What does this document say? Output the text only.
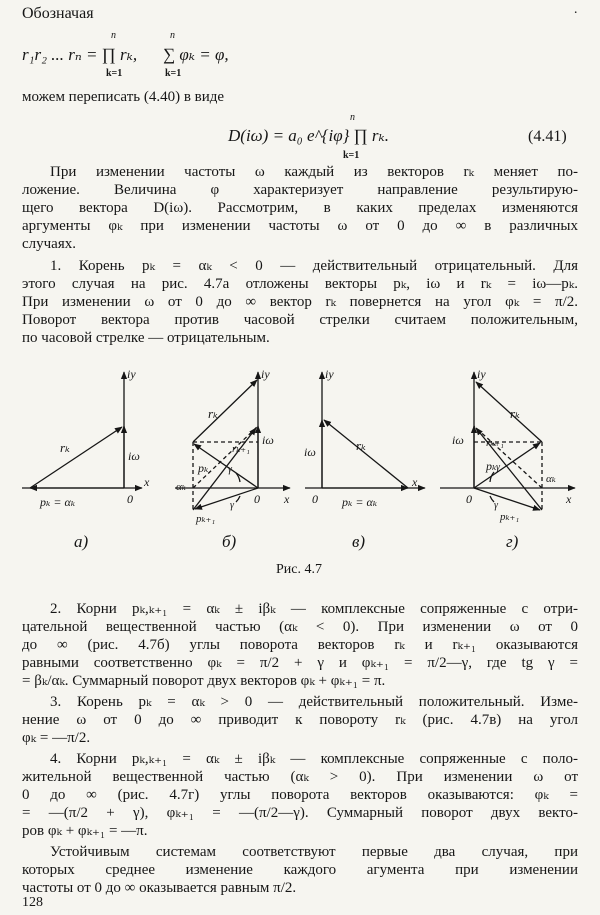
Обозначая	·
r₁r₂ ... rₙ = ∏ rₖ,
n
k=1
∑ φₖ = φ,
n
k=1
можем переписать (4.40) в виде
D(iω) = a₀ e^{iφ} ∏ rₖ.
n
k=1
(4.41)
При изменении частоты ω каждый из векторов rₖ меняет по-
ложение. Величина φ характеризует направление результирую-
щего вектора D(iω). Рассмотрим, в каких пределах изменяются
аргументы φₖ при изменении частоты ω от 0 до ∞ в различных
случаях.
1. Корень pₖ = αₖ < 0 — действительный отрицательный. Для
этого случая на рис. 4.7а отложены векторы pₖ, iω и rₖ = iω—pₖ.
При изменении ω от 0 до ∞ вектор rₖ повернется на угол φₖ = π/2.
Поворот вектора против часовой стрелки считаем положительным,
по часовой стрелке — отрицательным.
iy
x
iω
rₖ
pₖ = αₖ	0
iy
x
iω
rₖ
rₖ₊₁
pₖ
pₖ₊₁
αₖ
γ
γ 0
iy
x
iω	rₖ
pₖ = αₖ
0
iy
x
iω
rₖ
rₖ₊₁
pₖ
pₖ₊₁
αₖ
γ
γ
0
а)	б)	в)	г)
Рис. 4.7
2. Корни pₖ,ₖ₊₁ = αₖ ± iβₖ — комплексные сопряженные с отри-
цательной вещественной частью (αₖ < 0). При изменении ω от 0
до ∞ (рис. 4.7б) углы поворота векторов rₖ и rₖ₊₁ оказываются
равными соответственно φₖ = π/2 + γ и φₖ₊₁ = π/2—γ, где tg γ =
= βₖ/αₖ. Суммарный поворот двух векторов φₖ + φₖ₊₁ = π.
3. Корень pₖ = αₖ > 0 — действительный положительный. Изме-
нение ω от 0 до ∞ приводит к повороту rₖ (рис. 4.7в) на угол
φₖ = —π/2.
4. Корни pₖ,ₖ₊₁ = αₖ ± iβₖ — комплексные сопряженные с поло-
жительной вещественной частью (αₖ > 0). При изменении ω от
0 до ∞ (рис. 4.7г) углы поворота векторов оказываются: φₖ =
= —(π/2 + γ), φₖ₊₁ = —(π/2—γ). Суммарный поворот двух векто-
ров φₖ + φₖ₊₁ = —π.
Устойчивым системам соответствуют первые два случая, при
которых среднее изменение каждого агумента при изменении
частоты от 0 до ∞ оказывается равным π/2.
128
